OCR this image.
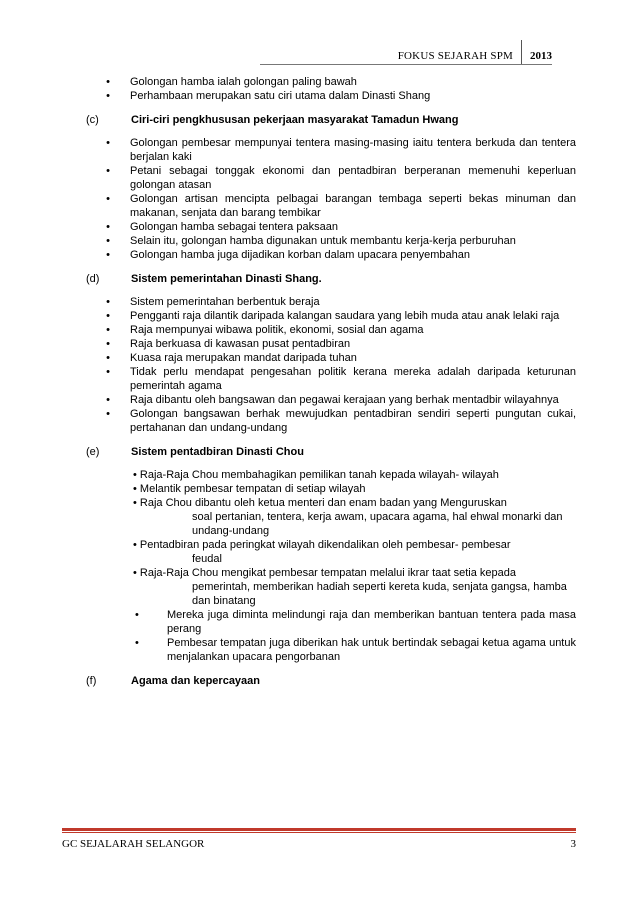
FOKUS SEJARAH SPM	2013
•	Golongan hamba ialah golongan paling bawah
•	Perhambaan merupakan satu ciri utama dalam Dinasti Shang
(c)	Ciri-ciri pengkhususan pekerjaan masyarakat Tamadun Hwang
•	Golongan pembesar mempunyai tentera masing-masing iaitu tentera berkuda dan tentera berjalan kaki
•	Petani sebagai tonggak ekonomi dan pentadbiran berperanan memenuhi keperluan golongan atasan
•	Golongan artisan mencipta pelbagai barangan tembaga seperti bekas minuman dan makanan, senjata dan barang tembikar
•	Golongan hamba sebagai tentera paksaan
•	Selain itu, golongan hamba digunakan untuk membantu kerja-kerja perburuhan
•	Golongan hamba juga dijadikan korban dalam upacara penyembahan
(d)	Sistem pemerintahan Dinasti Shang.
•	Sistem pemerintahan berbentuk beraja
•	Pengganti raja dilantik daripada kalangan saudara yang lebih muda atau anak lelaki raja
•	Raja mempunyai wibawa politik, ekonomi, sosial dan agama
•	Raja berkuasa di kawasan pusat pentadbiran
•	Kuasa raja merupakan mandat daripada tuhan
•	Tidak perlu mendapat pengesahan politik kerana mereka adalah daripada keturunan pemerintah agama
•	Raja dibantu oleh bangsawan dan pegawai kerajaan yang berhak mentadbir wilayahnya
•	Golongan bangsawan berhak mewujudkan pentadbiran sendiri seperti pungutan cukai, pertahanan dan undang-undang
(e)	Sistem pentadbiran Dinasti Chou
• Raja-Raja Chou membahagikan pemilikan tanah kepada wilayah- wilayah
• Melantik pembesar tempatan di setiap wilayah
• Raja Chou dibantu oleh ketua menteri dan enam badan yang Menguruskan
soal pertanian, tentera, kerja awam, upacara agama, hal ehwal monarki dan
undang-undang
• Pentadbiran pada peringkat wilayah dikendalikan oleh pembesar- pembesar
feudal
• Raja-Raja Chou mengikat pembesar tempatan melalui ikrar taat setia kepada
pemerintah, memberikan hadiah seperti kereta kuda, senjata gangsa, hamba
dan binatang
•	Mereka juga diminta melindungi raja dan memberikan bantuan tentera pada masa perang
•	Pembesar tempatan juga diberikan hak untuk bertindak sebagai ketua agama untuk menjalankan upacara pengorbanan
(f)	Agama dan kepercayaan
GC SEJALARAH SELANGOR	3
